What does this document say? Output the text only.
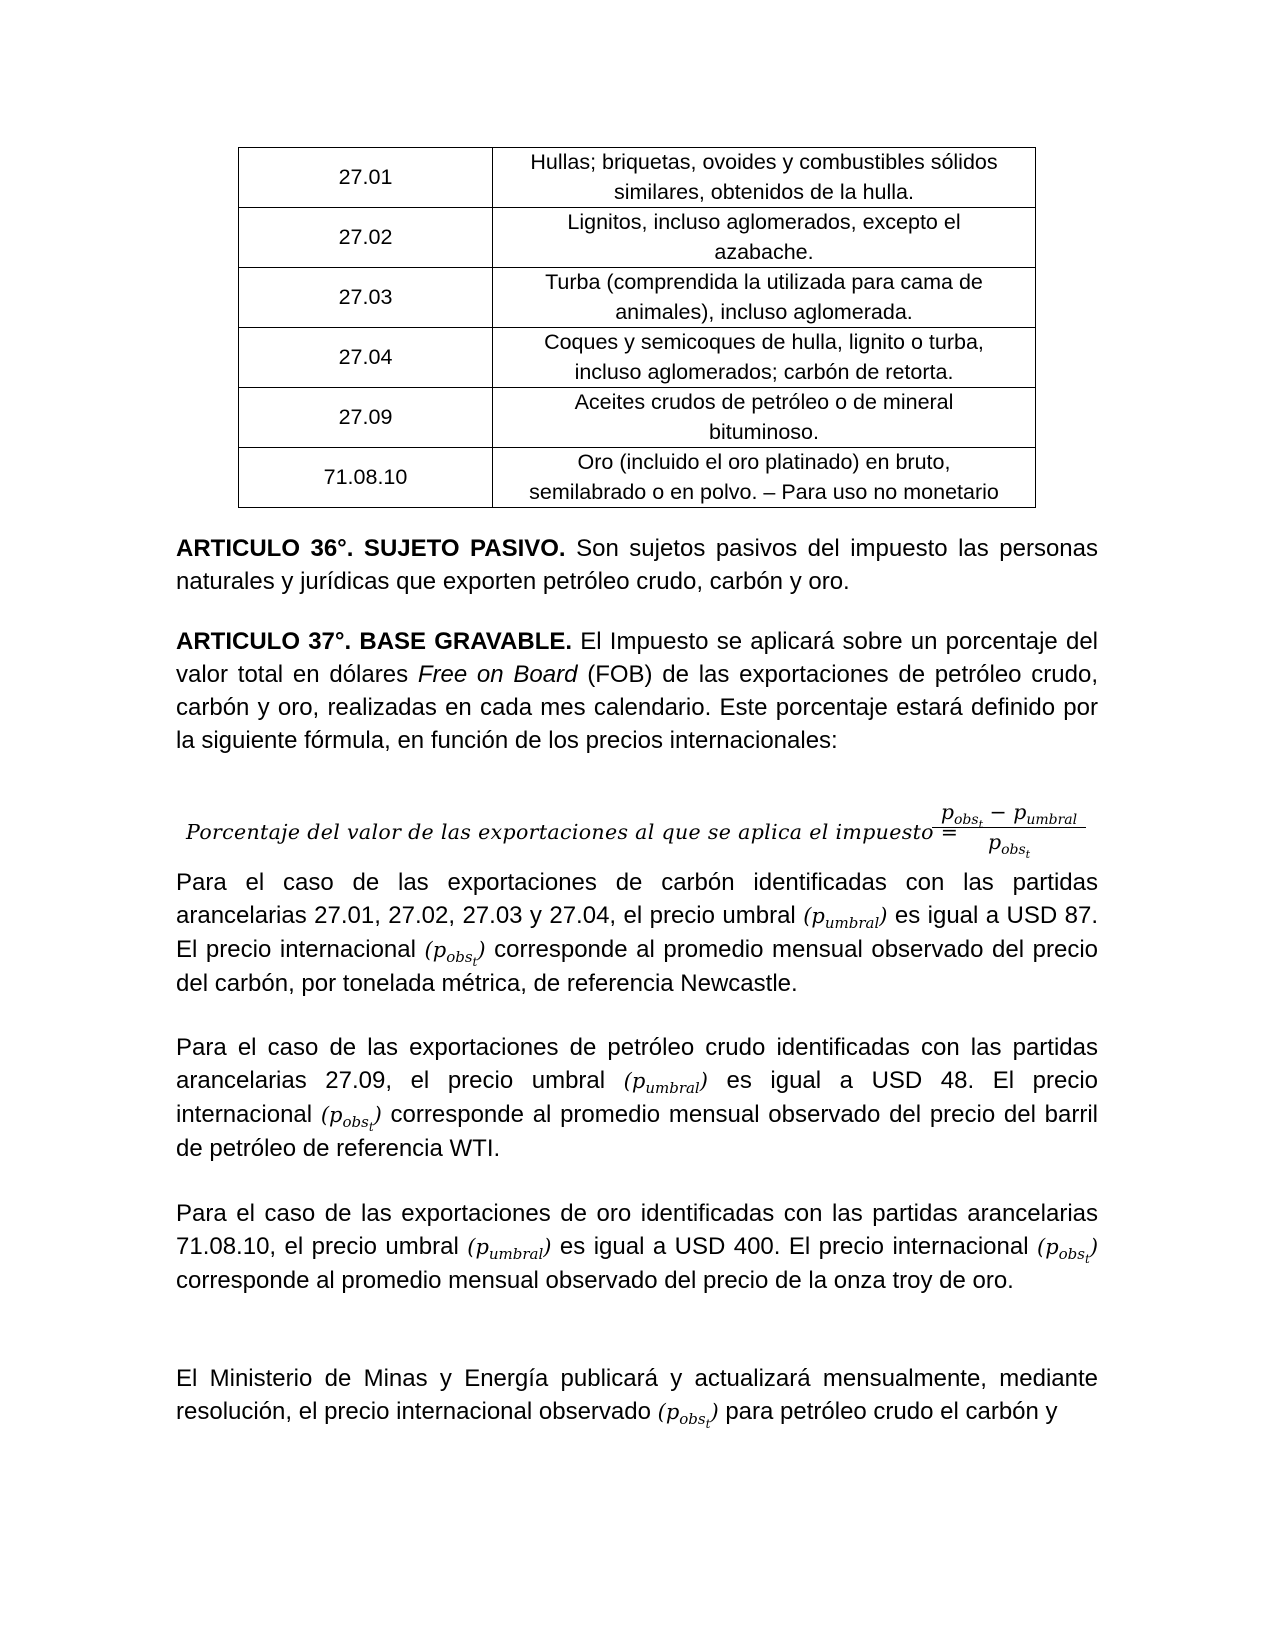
27.01	Hullas; briquetas, ovoides y combustibles sólidos
similares, obtenidos de la hulla.
27.02	Lignitos, incluso aglomerados, excepto el
azabache.
27.03	Turba (comprendida la utilizada para cama de
animales), incluso aglomerada.
27.04	Coques y semicoques de hulla, lignito o turba,
incluso aglomerados; carbón de retorta.
27.09	Aceites crudos de petróleo o de mineral
bituminoso.
71.08.10	Oro (incluido el oro platinado) en bruto,
semilabrado o en polvo. – Para uso no monetario

ARTICULO 36°. SUJETO PASIVO. Son sujetos pasivos del impuesto las personas naturales y jurídicas que exporten petróleo crudo, carbón y oro.

ARTICULO 37°. BASE GRAVABLE. El Impuesto se aplicará sobre un porcentaje del valor total en dólares Free on Board (FOB) de las exportaciones de petróleo crudo, carbón y oro, realizadas en cada mes calendario. Este porcentaje estará definido por la siguiente fórmula, en función de los precios internacionales:

Porcentaje del valor de las exportaciones al que se aplica el impuesto =
$p_{obs_t} - p_{umbral}$
$p_{obs_t}$

Para el caso de las exportaciones de carbón identificadas con las partidas arancelarias 27.01, 27.02, 27.03 y 27.04, el precio umbral $(p_{umbral})$ es igual a USD 87. El precio internacional $(p_{obs_t})$ corresponde al promedio mensual observado del precio del carbón, por tonelada métrica, de referencia Newcastle.

Para el caso de las exportaciones de petróleo crudo identificadas con las partidas arancelarias 27.09, el precio umbral $(p_{umbral})$ es igual a USD 48. El precio internacional $(p_{obs_t})$ corresponde al promedio mensual observado del precio del barril de petróleo de referencia WTI.

Para el caso de las exportaciones de oro identificadas con las partidas arancelarias 71.08.10, el precio umbral $(p_{umbral})$ es igual a USD 400. El precio internacional $(p_{obs_t})$ corresponde al promedio mensual observado del precio de la onza troy de oro.

El Ministerio de Minas y Energía publicará y actualizará mensualmente, mediante resolución, el precio internacional observado $(p_{obs_t})$ para petróleo crudo el carbón y
